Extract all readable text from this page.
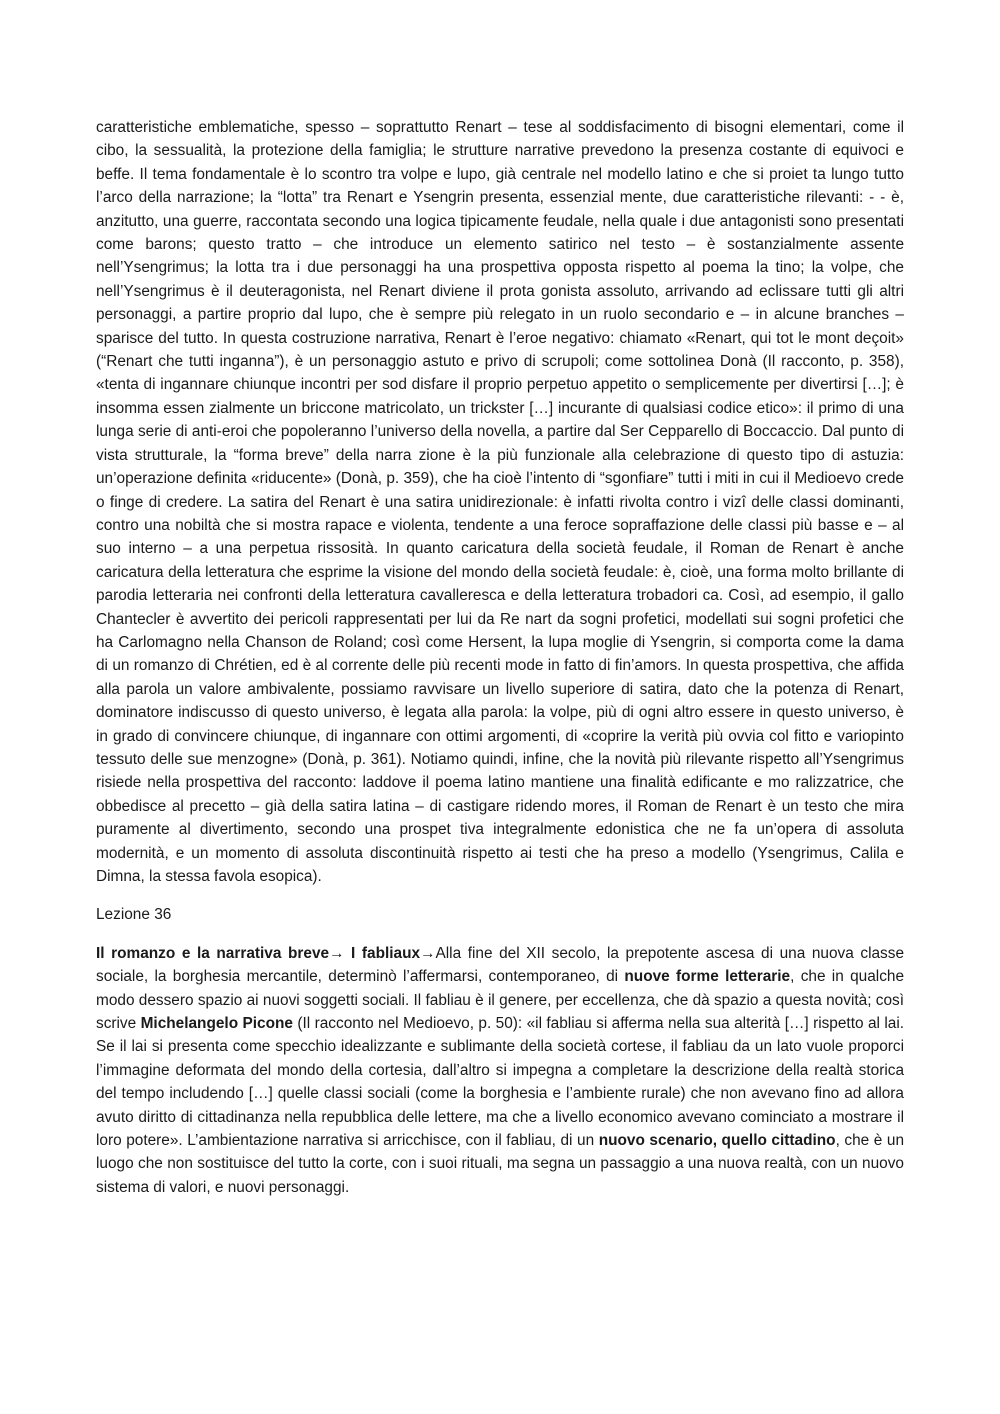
caratteristiche emblematiche, spesso – soprattutto Renart – tese al soddisfacimento di bisogni elementari, come il cibo, la sessualità, la protezione della famiglia; le strutture narrative prevedono la presenza costante di equivoci e beffe. Il tema fondamentale è lo scontro tra volpe e lupo, già centrale nel modello latino e che si proiet ta lungo tutto l’arco della narrazione; la “lotta” tra Renart e Ysengrin presenta, essenzial mente, due caratteristiche rilevanti: - - è, anzitutto, una guerre, raccontata secondo una logica tipicamente feudale, nella quale i due antagonisti sono presentati come barons; questo tratto – che introduce un elemento satirico nel testo – è sostanzialmente assente nell’Ysengrimus; la lotta tra i due personaggi ha una prospettiva opposta rispetto al poema la tino; la volpe, che nell’Ysengrimus è il deuteragonista, nel Renart diviene il prota gonista assoluto, arrivando ad eclissare tutti gli altri personaggi, a partire proprio dal lupo, che è sempre più relegato in un ruolo secondario e – in alcune branches – sparisce del tutto. In questa costruzione narrativa, Renart è l’eroe negativo: chiamato «Renart, qui tot le mont deçoit» (“Renart che tutti inganna”), è un personaggio astuto e privo di scrupoli; come sottolinea Donà (Il racconto, p. 358), «tenta di ingannare chiunque incontri per sod disfare il proprio perpetuo appetito o semplicemente per divertirsi […]; è insomma essen zialmente un briccone matricolato, un trickster […] incurante di qualsiasi codice etico»: il primo di una lunga serie di anti-eroi che popoleranno l’universo della novella, a partire dal Ser Cepparello di Boccaccio. Dal punto di vista strutturale, la “forma breve” della narra zione è la più funzionale alla celebrazione di questo tipo di astuzia: un’operazione definita «riducente» (Donà, p. 359), che ha cioè l’intento di “sgonfiare” tutti i miti in cui il Medioevo crede o finge di credere. La satira del Renart è una satira unidirezionale: è infatti rivolta contro i vizî delle classi dominanti, contro una nobiltà che si mostra rapace e violenta, tendente a una feroce sopraffazione delle classi più basse e – al suo interno – a una perpetua rissosità. In quanto caricatura della società feudale, il Roman de Renart è anche caricatura della letteratura che esprime la visione del mondo della società feudale: è, cioè, una forma molto brillante di parodia letteraria nei confronti della letteratura cavalleresca e della letteratura trobadori ca. Così, ad esempio, il gallo Chantecler è avvertito dei pericoli rappresentati per lui da Re nart da sogni profetici, modellati sui sogni profetici che ha Carlomagno nella Chanson de Roland; così come Hersent, la lupa moglie di Ysengrin, si comporta come la dama di un romanzo di Chrétien, ed è al corrente delle più recenti mode in fatto di fin’amors. In questa prospettiva, che affida alla parola un valore ambivalente, possiamo ravvisare un livello superiore di satira, dato che la potenza di Renart, dominatore indiscusso di questo universo, è legata alla parola: la volpe, più di ogni altro essere in questo universo, è in grado di convincere chiunque, di ingannare con ottimi argomenti, di «coprire la verità più ovvia col fitto e variopinto tessuto delle sue menzogne» (Donà, p. 361). Notiamo quindi, infine, che la novità più rilevante rispetto all’Ysengrimus risiede nella prospettiva del racconto: laddove il poema latino mantiene una finalità edificante e mo ralizzatrice, che obbedisce al precetto – già della satira latina – di castigare ridendo mores, il Roman de Renart è un testo che mira puramente al divertimento, secondo una prospet tiva integralmente edonistica che ne fa un’opera di assoluta modernità, e un momento di assoluta discontinuità rispetto ai testi che ha preso a modello (Ysengrimus, Calila e Dimna, la stessa favola esopica).

Lezione 36

Il romanzo e la narrativa breve→ I fabliaux→Alla fine del XII secolo, la prepotente ascesa di una nuova classe sociale, la borghesia mercantile, determinò l’affermarsi, contemporaneo, di nuove forme letterarie, che in qualche modo dessero spazio ai nuovi soggetti sociali. Il fabliau è il genere, per eccellenza, che dà spazio a questa novità; così scrive Michelangelo Picone (Il racconto nel Medioevo, p. 50): «il fabliau si afferma nella sua alterità […] rispetto al lai. Se il lai si presenta come specchio idealizzante e sublimante della società cortese, il fabliau da un lato vuole proporci l’immagine deformata del mondo della cortesia, dall’altro si impegna a completare la descrizione della realtà storica del tempo includendo […] quelle classi sociali (come la borghesia e l’ambiente rurale) che non avevano fino ad allora avuto diritto di cittadinanza nella repubblica delle lettere, ma che a livello economico avevano cominciato a mostrare il loro potere». L’ambientazione narrativa si arricchisce, con il fabliau, di un nuovo scenario, quello cittadino, che è un luogo che non sostituisce del tutto la corte, con i suoi rituali, ma segna un passaggio a una nuova realtà, con un nuovo sistema di valori, e nuovi personaggi.
